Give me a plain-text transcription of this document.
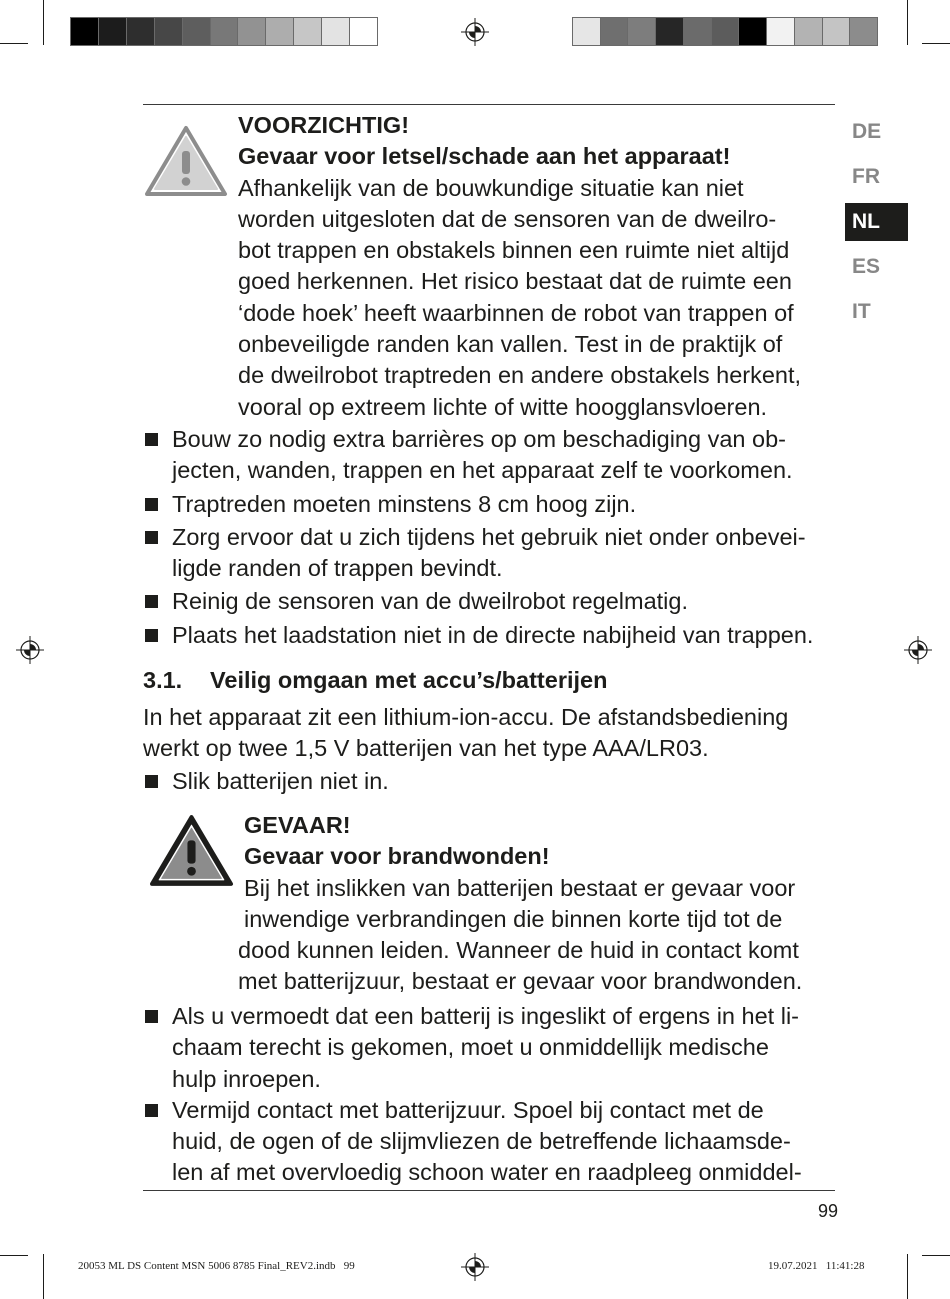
DE
FR
NL
ES
IT
VOORZICHTIG!
Gevaar voor letsel/schade aan het apparaat!
Afhankelijk van de bouwkundige situatie kan niet
worden uitgesloten dat de sensoren van de dweilro-
bot trappen en obstakels binnen een ruimte niet altijd
goed herkennen. Het risico bestaat dat de ruimte een
‘dode hoek’ heeft waarbinnen de robot van trappen of
onbeveiligde randen kan vallen. Test in de praktijk of
de dweilrobot traptreden en andere obstakels herkent,
vooral op extreem lichte of witte hoogglansvloeren.
Bouw zo nodig extra barrières op om beschadiging van ob-
jecten, wanden, trappen en het apparaat zelf te voorkomen.
Traptreden moeten minstens 8 cm hoog zijn.
Zorg ervoor dat u zich tijdens het gebruik niet onder onbevei-
ligde randen of trappen bevindt.
Reinig de sensoren van de dweilrobot regelmatig.
Plaats het laadstation niet in de directe nabijheid van trappen.
3.1. Veilig omgaan met accu’s/batterijen
In het apparaat zit een lithium-ion-accu. De afstandsbediening
werkt op twee 1,5 V batterijen van het type AAA/LR03.
Slik batterijen niet in.
GEVAAR!
Gevaar voor brandwonden!
Bij het inslikken van batterijen bestaat er gevaar voor
inwendige verbrandingen die binnen korte tijd tot de
dood kunnen leiden. Wanneer de huid in contact komt
met batterijzuur, bestaat er gevaar voor brandwonden.
Als u vermoedt dat een batterij is ingeslikt of ergens in het li-
chaam terecht is gekomen, moet u onmiddellijk medische
hulp inroepen.
Vermijd contact met batterijzuur. Spoel bij contact met de
huid, de ogen of de slijmvliezen de betreffende lichaamsde-
len af met overvloedig schoon water en raadpleeg onmiddel-
99
20053 ML DS Content MSN 5006 8785 Final_REV2.indb   99	19.07.2021   11:41:28
